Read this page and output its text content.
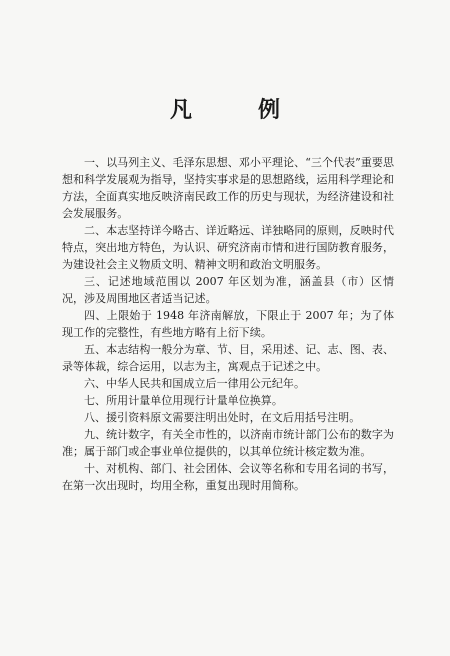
凡　例

一、以马列主义、毛泽东思想、邓小平理论、“三个代表”重要思想和科学发展观为指导，坚持实事求是的思想路线，运用科学理论和方法，全面真实地反映济南民政工作的历史与现状，为经济建设和社会发展服务。

二、本志坚持详今略古、详近略远、详独略同的原则，反映时代特点，突出地方特色，为认识、研究济南市情和进行国防教育服务，为建设社会主义物质文明、精神文明和政治文明服务。

三、记述地域范围以 2007 年区划为准，涵盖县（市）区情况，涉及周围地区者适当记述。

四、上限始于 1948 年济南解放，下限止于 2007 年；为了体现工作的完整性，有些地方略有上衍下续。

五、本志结构一般分为章、节、目，采用述、记、志、图、表、录等体裁，综合运用，以志为主，寓观点于记述之中。

六、中华人民共和国成立后一律用公元纪年。

七、所用计量单位用现行计量单位换算。

八、援引资料原文需要注明出处时，在文后用括号注明。

九、统计数字，有关全市性的，以济南市统计部门公布的数字为准；属于部门或企事业单位提供的，以其单位统计核定数为准。

十、对机构、部门、社会团体、会议等名称和专用名词的书写，在第一次出现时，均用全称，重复出现时用简称。
